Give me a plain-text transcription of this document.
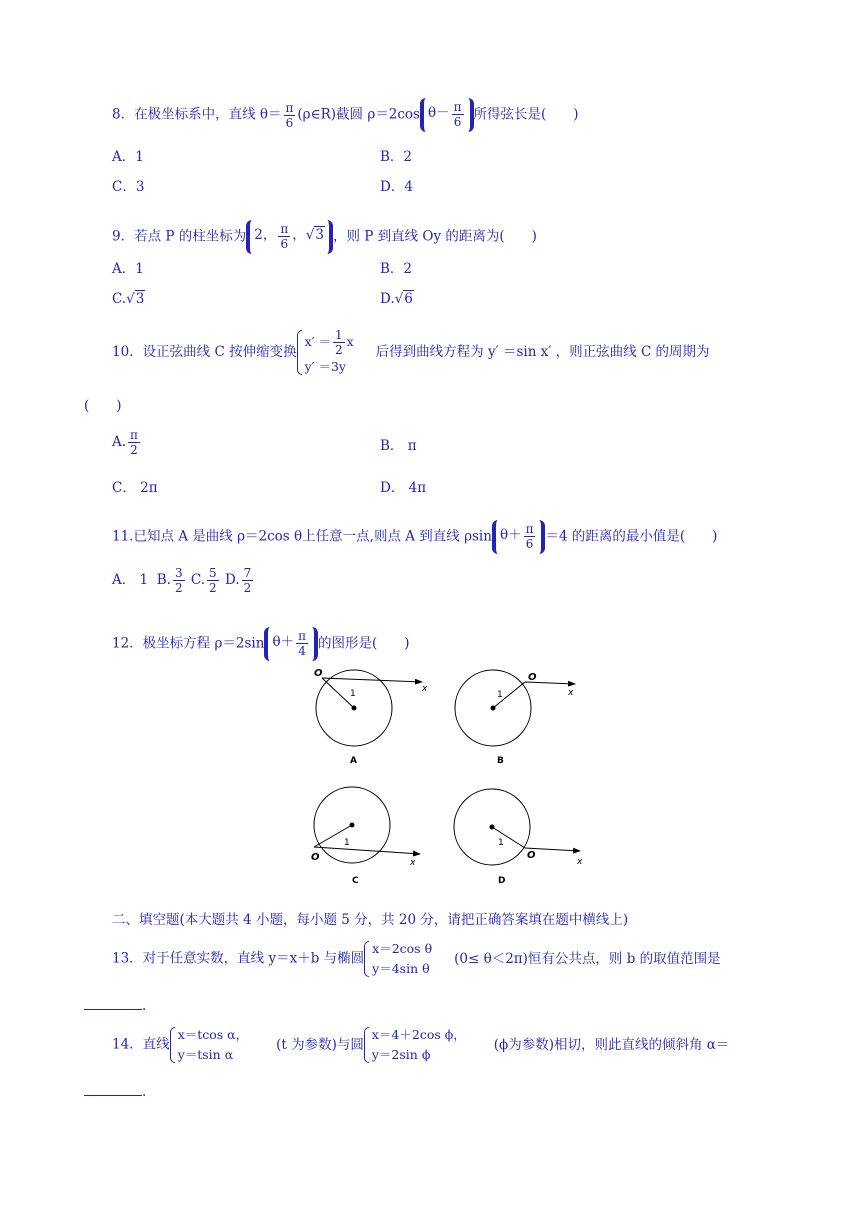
8．在极坐标系中，直线 $\theta= \frac{\pi}{6}$ (ρ∈R)截圆 ρ＝2cos $\theta- \frac{\pi}{6}$ 所得弦长是(　　)
A．1	B．2
C．3	D．4
9．若点 P 的柱坐标为 2， $\frac{\pi}{6}$ ，√3 ，则 P 到直线 Oy 的距离为(　　)
A．1	B．2
C.√3	D.√6
10．设正弦曲线 C 按伸缩变换$x' = \frac{1}{2}$ x
y′ ＝3y后得到曲线方程为 y′ ＝sin x′ ，则正弦曲线 C 的周期为
(　　)
A. $\frac{\pi}{2}$	B． π
C． 2π	D． 4π
11.已知点 A 是曲线 ρ＝2cos θ上任意一点,则点 A 到直线 ρsin $\theta+ \frac{\pi}{6} =4$ 的距离的最小值是(　　)
A． 1 B. $\frac{3}{2} C$. $\frac{5}{2} D$. $\frac{7}{2}$
12．极坐标方程 ρ＝2sin $\theta+ \frac{\pi}{4}$ 的图形是(　　)
O
x
1
A
O
x
1
B
O	x
1
C
O
x
1
D
二、填空题(本大题共 4 小题，每小题 5 分，共 20 分，请把正确答案填在题中横线上)
13．对于任意实数，直线 y＝x＋b 与椭圆x＝2cos θ
y＝4sin θ(0≤ θ＜2π)恒有公共点，则 b 的取值范围是
.
14．直线x＝tcos α，
y＝tsin α(t 为参数)与圆x＝4＋2cos ϕ，
y＝2sin ϕ(ϕ为参数)相切，则此直线的倾斜角 α＝
.
